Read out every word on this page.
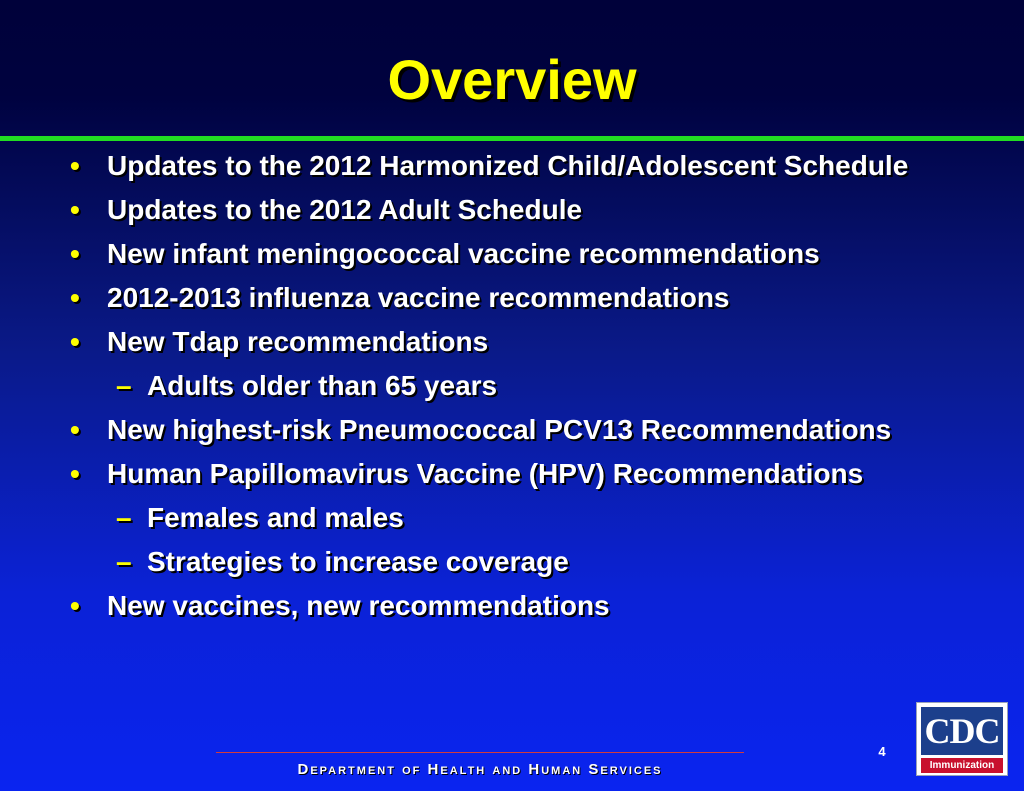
Overview
• Updates to the 2012 Harmonized Child/Adolescent Schedule
• Updates to the 2012 Adult Schedule
• New infant meningococcal vaccine recommendations
• 2012-2013 influenza vaccine recommendations
• New Tdap recommendations
– Adults older than 65 years
• New highest-risk Pneumococcal PCV13 Recommendations
• Human Papillomavirus Vaccine (HPV) Recommendations
– Females and males
– Strategies to increase coverage
• New vaccines, new recommendations
Department of Health and Human Services
4
CDC
Immunization
